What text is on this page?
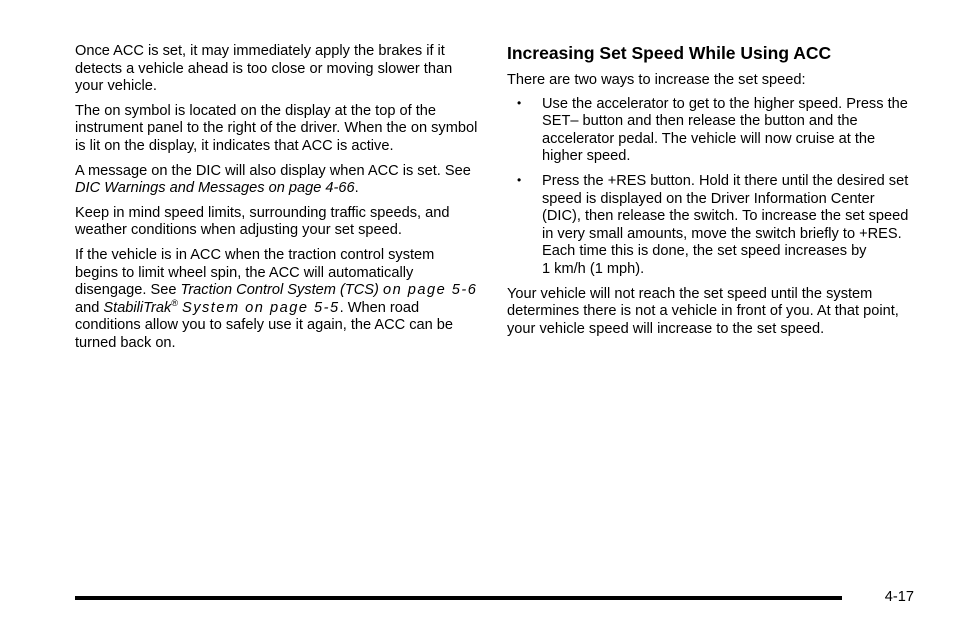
Once ACC is set, it may immediately apply the brakes if it detects a vehicle ahead is too close or moving slower than your vehicle.

The on symbol is located on the display at the top of the instrument panel to the right of the driver. When the on symbol is lit on the display, it indicates that ACC is active.

A message on the DIC will also display when ACC is set. See DIC Warnings and Messages on page 4-66.

Keep in mind speed limits, surrounding traffic speeds, and weather conditions when adjusting your set speed.

If the vehicle is in ACC when the traction control system begins to limit wheel spin, the ACC will automatically disengage. See Traction Control System (TCS) on page 5-6 and StabiliTrak® System on page 5-5. When road conditions allow you to safely use it again, the ACC can be turned back on.

Increasing Set Speed While Using ACC

There are two ways to increase the set speed:

• Use the accelerator to get to the higher speed. Press the SET– button and then release the button and the accelerator pedal. The vehicle will now cruise at the higher speed.
• Press the +RES button. Hold it there until the desired set speed is displayed on the Driver Information Center (DIC), then release the switch. To increase the set speed in very small amounts, move the switch briefly to +RES. Each time this is done, the set speed increases by 1 km/h (1 mph).

Your vehicle will not reach the set speed until the system determines there is not a vehicle in front of you. At that point, your vehicle speed will increase to the set speed.

4-17
